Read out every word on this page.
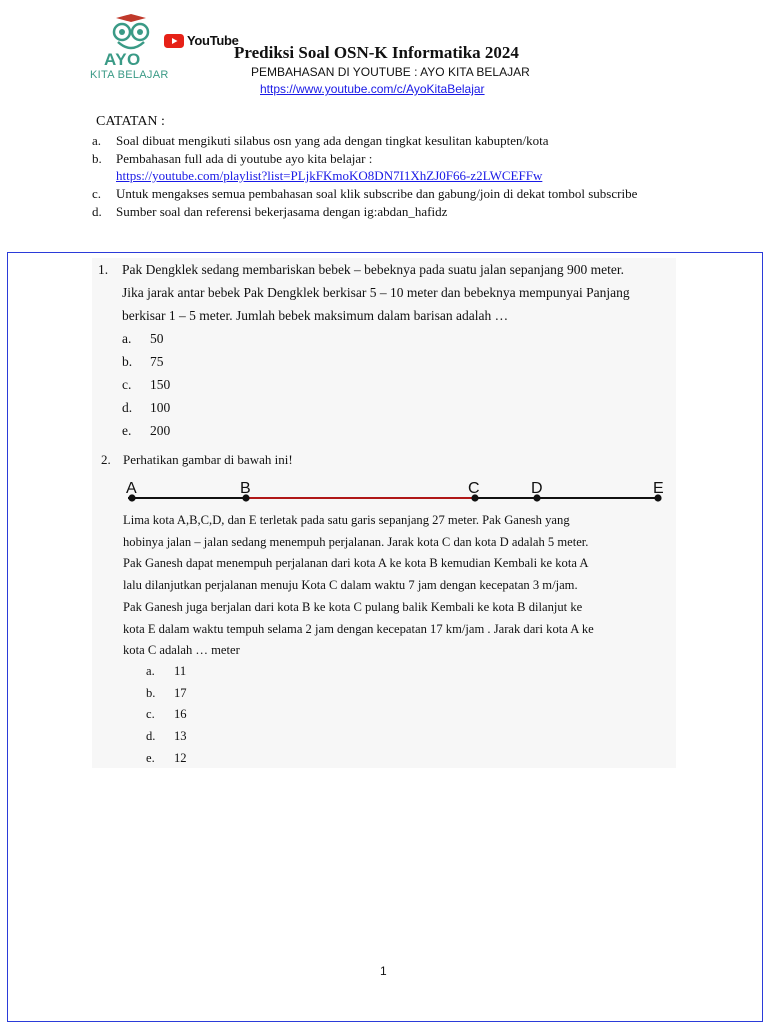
AYO
KITA BELAJAR
YouTube
Prediksi Soal OSN-K Informatika 2024
PEMBAHASAN DI YOUTUBE : AYO KITA BELAJAR
https://www.youtube.com/c/AyoKitaBelajar
CATATAN :
a.	Soal dibuat mengikuti silabus osn yang ada dengan tingkat kesulitan kabupten/kota
b.	Pembahasan full ada di youtube ayo kita belajar :
https://youtube.com/playlist?list=PLjkFKmoKO8DN7I1XhZJ0F66-z2LWCEFFw
c.	Untuk mengakses semua pembahasan soal klik subscribe dan gabung/join di dekat tombol subscribe
d.	Sumber soal dan referensi bekerjasama dengan ig:abdan_hafidz
1.	Pak Dengklek sedang membariskan bebek – bebeknya pada suatu jalan sepanjang 900 meter.
Jika jarak antar bebek Pak Dengklek berkisar 5 – 10 meter dan bebeknya mempunyai Panjang
berkisar 1 – 5 meter. Jumlah bebek maksimum dalam barisan adalah …
a.	50
b.	75
c.	150
d.	100
e.	200
2. Perhatikan gambar di bawah ini!
A	B	C	D	E
Lima kota A,B,C,D, dan E terletak pada satu garis sepanjang 27 meter. Pak Ganesh yang
hobinya jalan – jalan sedang menempuh perjalanan. Jarak kota C dan kota D adalah 5 meter.
Pak Ganesh dapat menempuh perjalanan dari kota A ke kota B kemudian Kembali ke kota A
lalu dilanjutkan perjalanan menuju Kota C dalam waktu 7 jam dengan kecepatan 3 m/jam.
Pak Ganesh juga berjalan dari kota B ke kota C pulang balik Kembali ke kota B dilanjut ke
kota E dalam waktu tempuh selama 2 jam dengan kecepatan 17 km/jam . Jarak dari kota A ke
kota C adalah … meter
a.	11
b.	17
c.	16
d.	13
e.	12
1
